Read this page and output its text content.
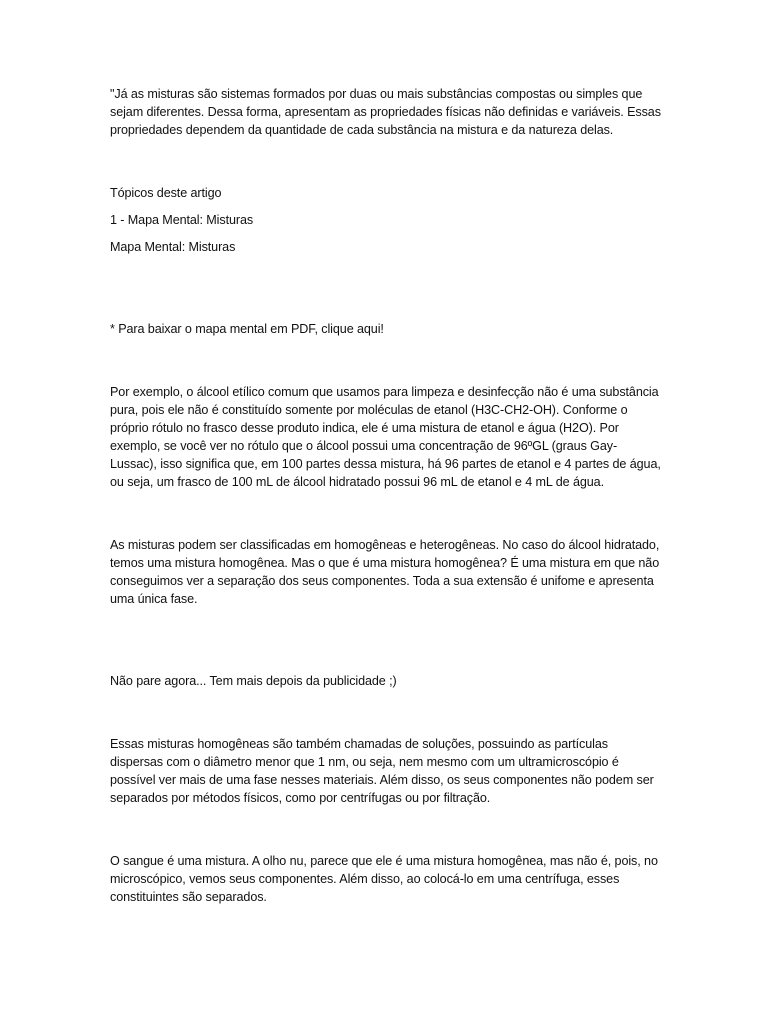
"Já as misturas são sistemas formados por duas ou mais substâncias compostas ou simples que sejam diferentes. Dessa forma, apresentam as propriedades físicas não definidas e variáveis. Essas propriedades dependem da quantidade de cada substância na mistura e da natureza delas.

Tópicos deste artigo

1 - Mapa Mental: Misturas

Mapa Mental: Misturas

* Para baixar o mapa mental em PDF, clique aqui!

Por exemplo, o álcool etílico comum que usamos para limpeza e desinfecção não é uma substância pura, pois ele não é constituído somente por moléculas de etanol (H3C-CH2-OH). Conforme o próprio rótulo no frasco desse produto indica, ele é uma mistura de etanol e água (H2O). Por exemplo, se você ver no rótulo que o álcool possui uma concentração de 96ºGL (graus Gay-Lussac), isso significa que, em 100 partes dessa mistura, há 96 partes de etanol e 4 partes de água, ou seja, um frasco de 100 mL de álcool hidratado possui 96 mL de etanol e 4 mL de água.

As misturas podem ser classificadas em homogêneas e heterogêneas. No caso do álcool hidratado, temos uma mistura homogênea. Mas o que é uma mistura homogênea? É uma mistura em que não conseguimos ver a separação dos seus componentes. Toda a sua extensão é unifome e apresenta uma única fase.

Não pare agora... Tem mais depois da publicidade ;)

Essas misturas homogêneas são também chamadas de soluções, possuindo as partículas dispersas com o diâmetro menor que 1 nm, ou seja, nem mesmo com um ultramicroscópio é possível ver mais de uma fase nesses materiais. Além disso, os seus componentes não podem ser separados por métodos físicos, como por centrífugas ou por filtração.

O sangue é uma mistura. A olho nu, parece que ele é uma mistura homogênea, mas não é, pois, no microscópico, vemos seus componentes. Além disso, ao colocá-lo em uma centrífuga, esses constituintes são separados.
